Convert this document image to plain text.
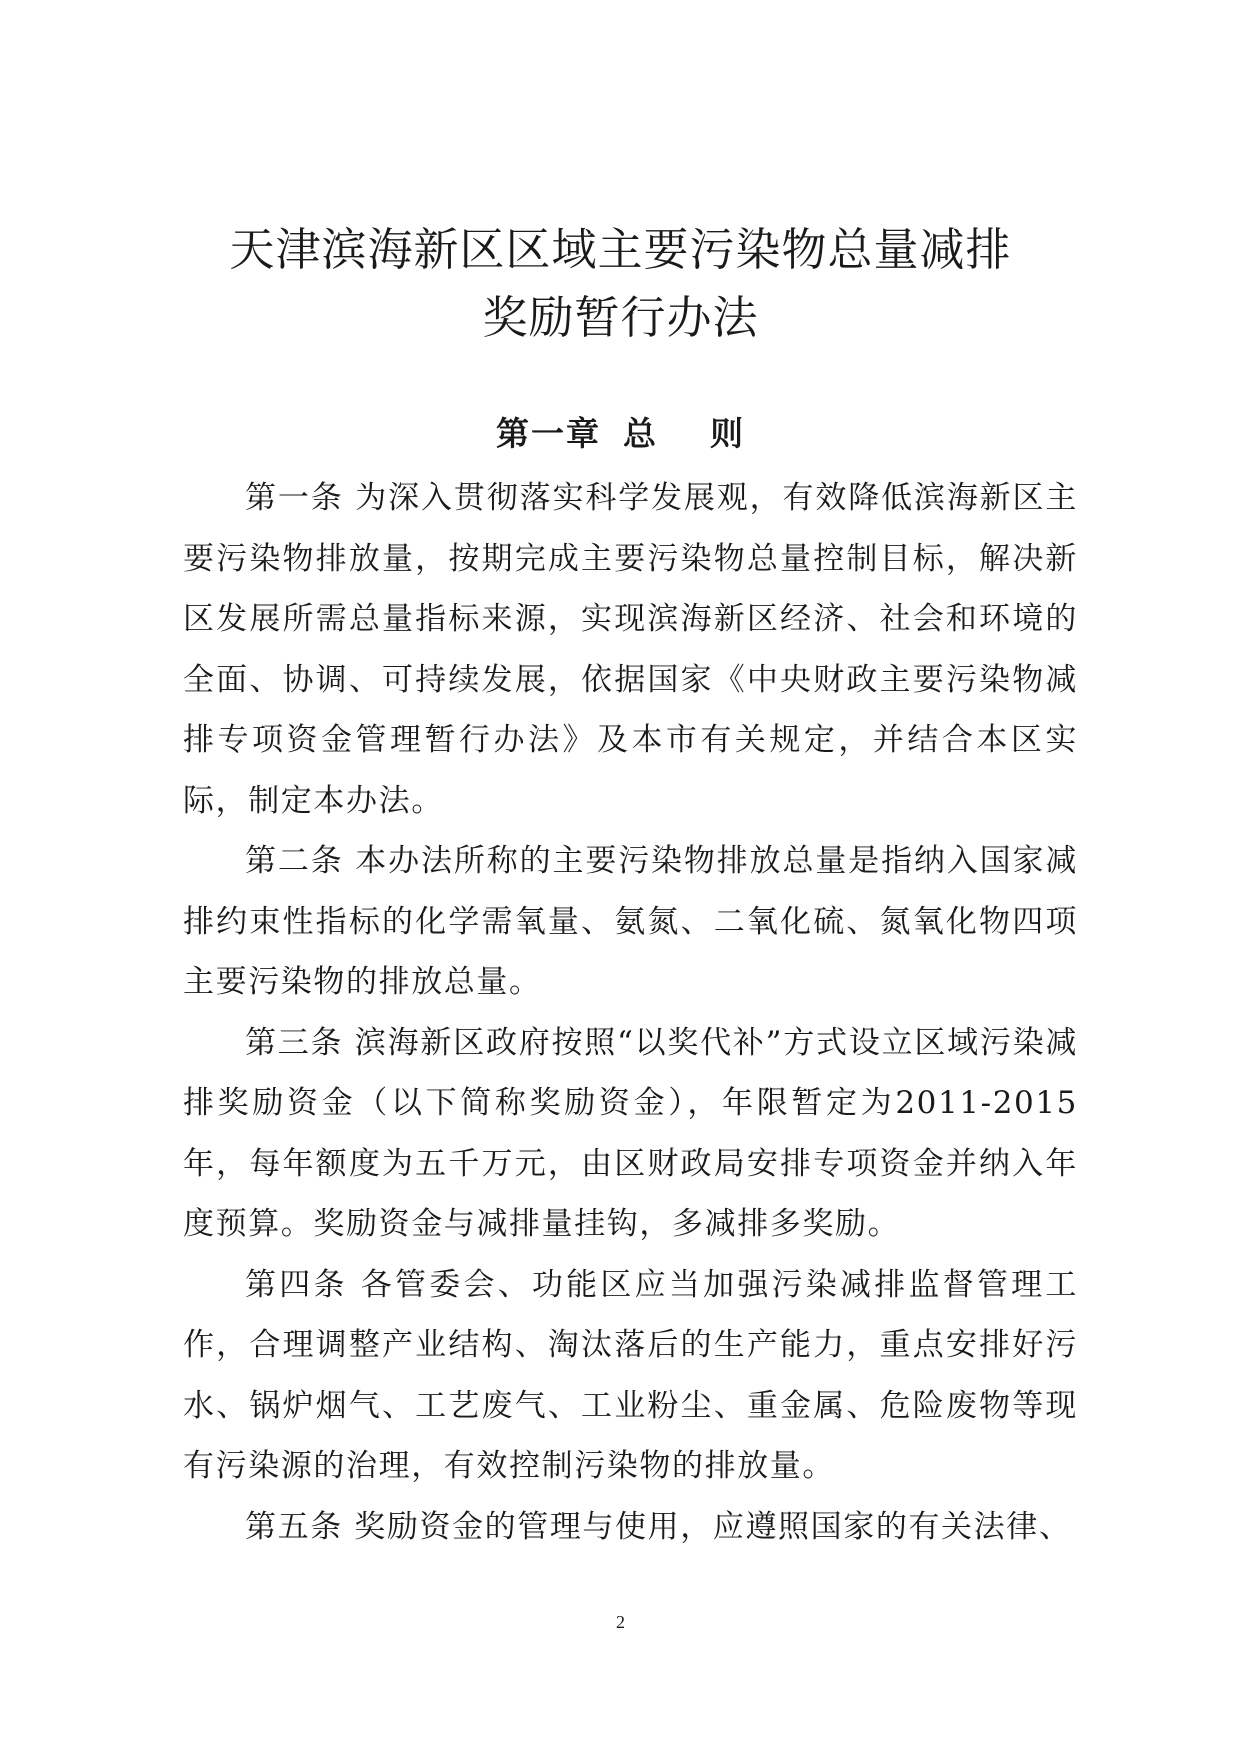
天津滨海新区区域主要污染物总量减排
奖励暂行办法
第一章 总 则

第一条 为深入贯彻落实科学发展观，有效降低滨海新区主要污染物排放量，按期完成主要污染物总量控制目标，解决新区发展所需总量指标来源，实现滨海新区经济、社会和环境的全面、协调、可持续发展，依据国家《中央财政主要污染物减排专项资金管理暂行办法》及本市有关规定，并结合本区实际，制定本办法。

第二条 本办法所称的主要污染物排放总量是指纳入国家减排约束性指标的化学需氧量、氨氮、二氧化硫、氮氧化物四项主要污染物的排放总量。

第三条 滨海新区政府按照“以奖代补”方式设立区域污染减排奖励资金（以下简称奖励资金），年限暂定为2011-2015年，每年额度为五千万元，由区财政局安排专项资金并纳入年度预算。奖励资金与减排量挂钩，多减排多奖励。

第四条 各管委会、功能区应当加强污染减排监督管理工作，合理调整产业结构、淘汰落后的生产能力，重点安排好污水、锅炉烟气、工艺废气、工业粉尘、重金属、危险废物等现有污染源的治理，有效控制污染物的排放量。

第五条 奖励资金的管理与使用，应遵照国家的有关法律、

2
